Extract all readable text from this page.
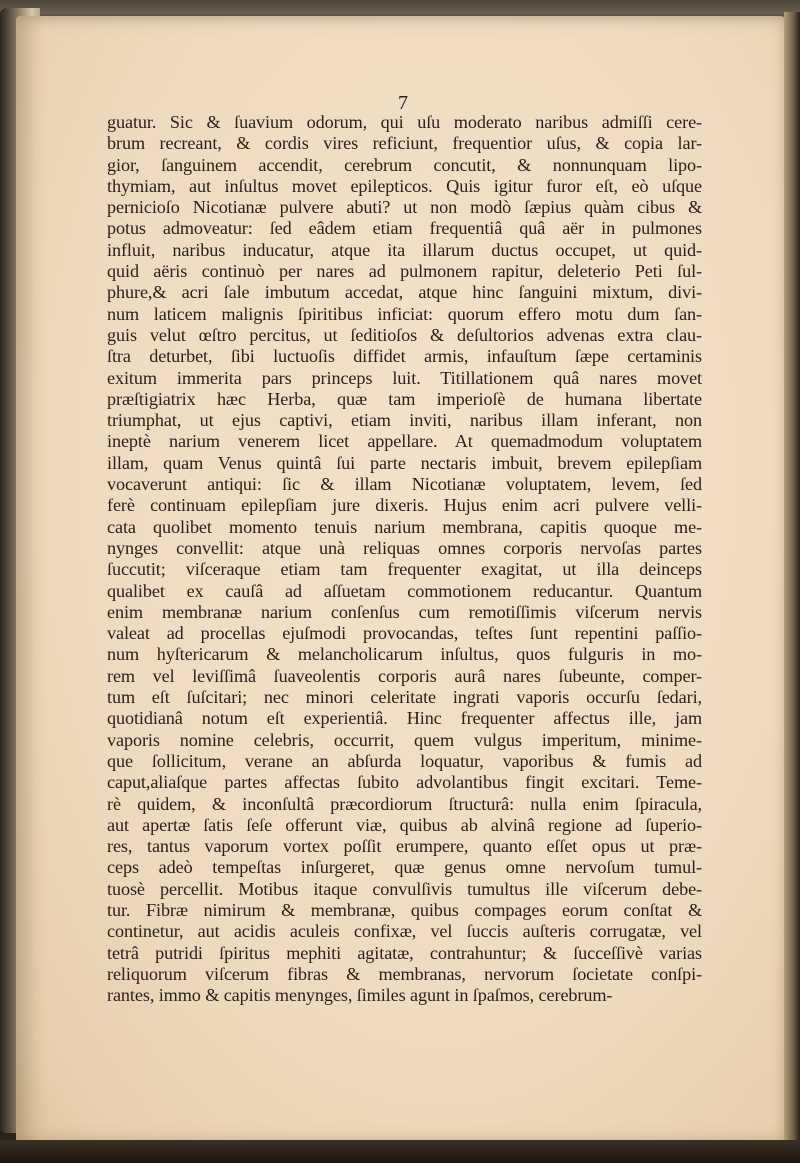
7
guatur. Sic & ſuavium odorum, qui uſu moderato naribus admiſſi cere-
brum recreant, & cordis vires reficiunt, frequentior uſus, & copia lar-
gior, ſanguinem accendit, cerebrum concutit, & nonnunquam lipo-
thymiam, aut inſultus movet epilepticos. Quis igitur furor eſt, eò uſque
pernicioſo Nicotianæ pulvere abuti? ut non modò ſæpius quàm cibus &
potus admoveatur: ſed eâdem etiam frequentiâ quâ aër in pulmones
influit, naribus inducatur, atque ita illarum ductus occupet, ut quid-
quid aëris continuò per nares ad pulmonem rapitur, deleterio Peti ſul-
phure,& acri ſale imbutum accedat, atque hinc ſanguini mixtum, divi-
num laticem malignis ſpiritibus inficiat: quorum effero motu dum ſan-
guis velut œſtro percitus, ut ſeditioſos & deſultorios advenas extra clau-
ſtra deturbet, ſibi luctuoſis diffidet armis, infauſtum ſæpe certaminis
exitum immerita pars princeps luit. Titillationem quâ nares movet
præſtigiatrix hæc Herba, quæ tam imperioſè de humana libertate
triumphat, ut ejus captivi, etiam inviti, naribus illam inferant, non
ineptè narium venerem licet appellare. At quemadmodum voluptatem
illam, quam Venus quintâ ſui parte nectaris imbuit, brevem epilepſiam
vocaverunt antiqui: ſic & illam Nicotianæ voluptatem, levem, ſed
ferè continuam epilepſiam jure dixeris. Hujus enim acri pulvere velli-
cata quolibet momento tenuis narium membrana, capitis quoque me-
nynges convellit: atque unà reliquas omnes corporis nervoſas partes
ſuccutit; viſceraque etiam tam frequenter exagitat, ut illa deinceps
qualibet ex cauſâ ad aſſuetam commotionem reducantur. Quantum
enim membranæ narium conſenſus cum remotiſſimis viſcerum nervis
valeat ad procellas ejuſmodi provocandas, teſtes ſunt repentini paſſio-
num hyſtericarum & melancholicarum inſultus, quos fulguris in mo-
rem vel leviſſimâ ſuaveolentis corporis aurâ nares ſubeunte, comper-
tum eſt ſuſcitari; nec minori celeritate ingrati vaporis occurſu ſedari,
quotidianâ notum eſt experientiâ. Hinc frequenter affectus ille, jam
vaporis nomine celebris, occurrit, quem vulgus imperitum, minime-
que ſollicitum, verane an abſurda loquatur, vaporibus & fumis ad
caput,aliaſque partes affectas ſubito advolantibus fingit excitari. Teme-
rè quidem, & inconſultâ præcordiorum ſtructurâ: nulla enim ſpiracula,
aut apertæ ſatis ſeſe offerunt viæ, quibus ab alvinâ regione ad ſuperio-
res, tantus vaporum vortex poſſit erumpere, quanto eſſet opus ut præ-
ceps adeò tempeſtas inſurgeret, quæ genus omne nervoſum tumul-
tuosè percellit. Motibus itaque convulſivis tumultus ille viſcerum debe-
tur. Fibræ nimirum & membranæ, quibus compages eorum conſtat &
continetur, aut acidis aculeis confixæ, vel ſuccis auſteris corrugatæ, vel
tetrâ putridi ſpiritus mephiti agitatæ, contrahuntur; & ſucceſſivè varias
reliquorum viſcerum fibras & membranas, nervorum ſocietate conſpi-
rantes, immo & capitis menynges, ſimiles agunt in ſpaſmos, cerebrum-
